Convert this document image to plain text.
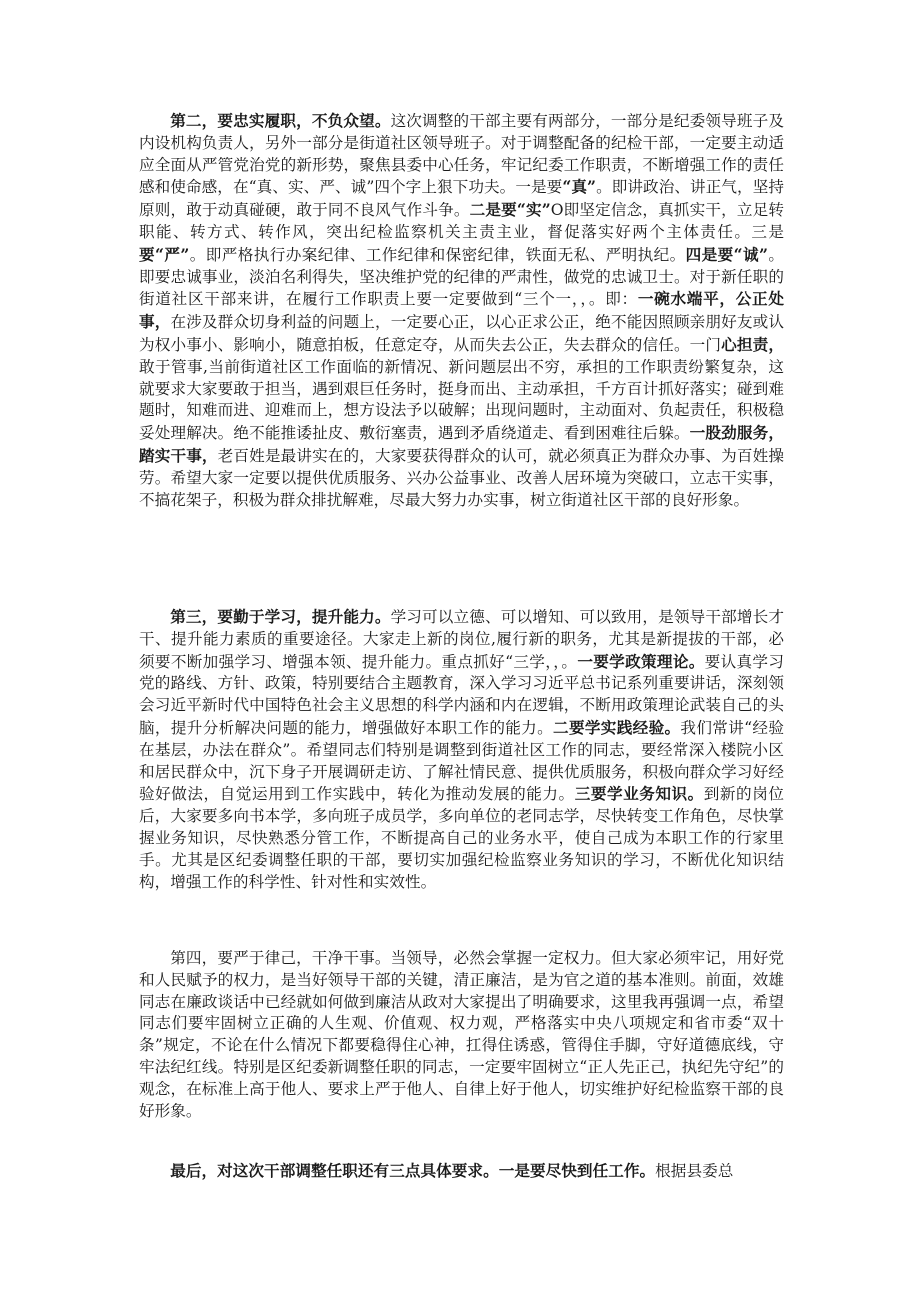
第二，要忠实履职，不负众望。这次调整的干部主要有两部分，一部分是纪委领导班子及内设机构负责人，另外一部分是街道社区领导班子。对于调整配备的纪检干部，一定要主动适应全面从严管党治党的新形势，聚焦县委中心任务，牢记纪委工作职责，不断增强工作的责任感和使命感，在“真、实、严、诚”四个字上狠下功夫。一是要“真”。即讲政治、讲正气，坚持原则，敢于动真碰硬，敢于同不良风气作斗争。二是要“实”O即坚定信念，真抓实干，立足转职能、转方式、转作风，突出纪检监察机关主责主业，督促落实好两个主体责任。三是要“严”。即严格执行办案纪律、工作纪律和保密纪律，铁面无私、严明执纪。四是要“诚”。即要忠诚事业，淡泊名利得失，坚决维护党的纪律的严肃性，做党的忠诚卫士。对于新任职的街道社区干部来讲，在履行工作职责上要一定要做到“三个一，，。即：一碗水端平，公正处事，在涉及群众切身利益的问题上，一定要心正，以心正求公正，绝不能因照顾亲朋好友或认为权小事小、影响小，随意拍板，任意定夺，从而失去公正，失去群众的信任。一门心担责，敢于管事,当前街道社区工作面临的新情况、新问题层出不穷，承担的工作职责纷繁复杂，这就要求大家要敢于担当，遇到艰巨任务时，挺身而出、主动承担，千方百计抓好落实；碰到难题时，知难而进、迎难而上，想方设法予以破解；出现问题时，主动面对、负起责任，积极稳妥处理解决。绝不能推诿扯皮、敷衍塞责，遇到矛盾绕道走、看到困难往后躲。一股劲服务，踏实干事，老百姓是最讲实在的，大家要获得群众的认可，就必须真正为群众办事、为百姓操劳。希望大家一定要以提供优质服务、兴办公益事业、改善人居环境为突破口，立志干实事，不搞花架子，积极为群众排扰解难，尽最大努力办实事，树立街道社区干部的良好形象。

第三，要勤于学习，提升能力。学习可以立德、可以增知、可以致用，是领导干部增长才干、提升能力素质的重要途径。大家走上新的岗位,履行新的职务，尤其是新提拔的干部，必须要不断加强学习、增强本领、提升能力。重点抓好“三学，，。一要学政策理论。要认真学习党的路线、方针、政策，特别要结合主题教育，深入学习习近平总书记系列重要讲话，深刻领会习近平新时代中国特色社会主义思想的科学内涵和内在逻辑，不断用政策理论武装自己的头脑，提升分析解决问题的能力，增强做好本职工作的能力。二要学实践经验。我们常讲“经验在基层，办法在群众”。希望同志们特别是调整到街道社区工作的同志，要经常深入楼院小区和居民群众中，沉下身子开展调研走访、了解社情民意、提供优质服务，积极向群众学习好经验好做法，自觉运用到工作实践中，转化为推动发展的能力。三要学业务知识。到新的岗位后，大家要多向书本学，多向班子成员学，多向单位的老同志学，尽快转变工作角色，尽快掌握业务知识，尽快熟悉分管工作，不断提高自己的业务水平，使自己成为本职工作的行家里手。尤其是区纪委调整任职的干部，要切实加强纪检监察业务知识的学习，不断优化知识结构，增强工作的科学性、针对性和实效性。

第四，要严于律己，干净干事。当领导，必然会掌握一定权力。但大家必须牢记，用好党和人民赋予的权力，是当好领导干部的关键，清正廉洁，是为官之道的基本准则。前面，效雄同志在廉政谈话中已经就如何做到廉洁从政对大家提出了明确要求，这里我再强调一点，希望同志们要牢固树立正确的人生观、价值观、权力观，严格落实中央八项规定和省市委“双十条”规定，不论在什么情况下都要稳得住心神，扛得住诱惑，管得住手脚，守好道德底线，守牢法纪红线。特别是区纪委新调整任职的同志，一定要牢固树立“正人先正己，执纪先守纪”的观念，在标准上高于他人、要求上严于他人、自律上好于他人，切实维护好纪检监察干部的良好形象。

最后，对这次干部调整任职还有三点具体要求。一是要尽快到任工作。根据县委总
